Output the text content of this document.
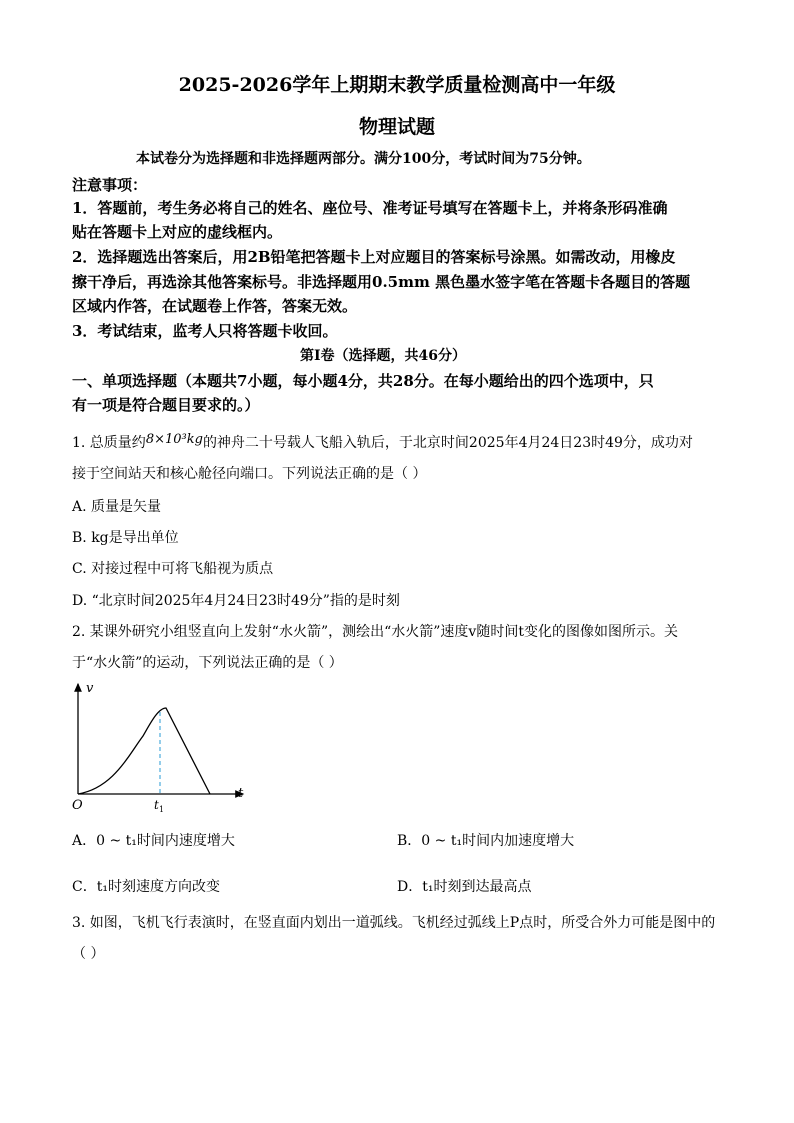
2025-2026学年上期期末教学质量检测高中一年级
物理试题
本试卷分为选择题和非选择题两部分。满分100分，考试时间为75分钟。
注意事项：
1．答题前，考生务必将自己的姓名、座位号、准考证号填写在答题卡上，并将条形码准确
贴在答题卡上对应的虚线框内。
2．选择题选出答案后，用2B铅笔把答题卡上对应题目的答案标号涂黑。如需改动，用橡皮
擦干净后，再选涂其他答案标号。非选择题用0.5mm 黑色墨水签字笔在答题卡各题目的答题
区域内作答，在试题卷上作答，答案无效。
3．考试结束，监考人只将答题卡收回。
第Ⅰ卷（选择题，共46分）
一、单项选择题（本题共7小题，每小题4分，共28分。在每小题给出的四个选项中，只
有一项是符合题目要求的。）
1. 总质量约8×10³kg的神舟二十号载人飞船入轨后，于北京时间2025年4月24日23时49分，成功对
接于空间站天和核心舱径向端口。下列说法正确的是（ ）
A. 质量是矢量
B. kg是导出单位
C. 对接过程中可将飞船视为质点
D. “北京时间2025年4月24日23时49分”指的是时刻
2. 某课外研究小组竖直向上发射“水火箭”，测绘出“水火箭”速度v随时间t变化的图像如图所示。关
于“水火箭”的运动，下列说法正确的是（ ）
v
t
O	t 1
A．0 ~ t₁时间内速度增大	B．0 ~ t₁时间内加速度增大
C．t₁时刻速度方向改变	D．t₁时刻到达最高点
3. 如图，飞机飞行表演时，在竖直面内划出一道弧线。飞机经过弧线上P点时，所受合外力可能是图中的
（ ）
